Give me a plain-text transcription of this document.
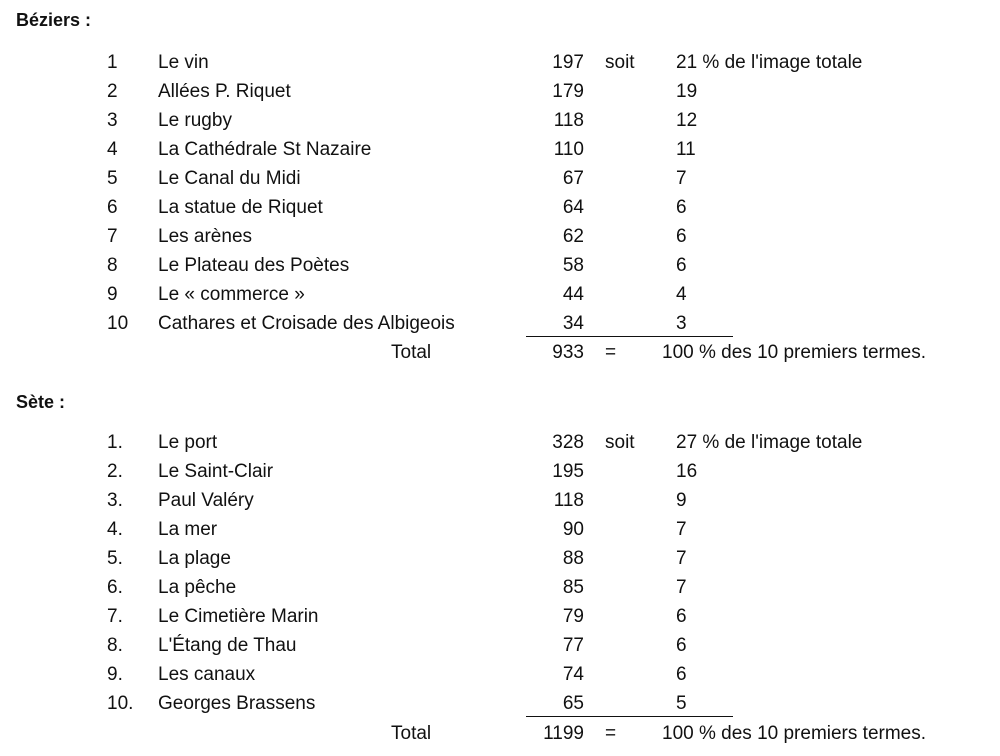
Béziers :
1 Le vin	197 soit 21 % de l'image totale
2 Allées P. Riquet	179	19
3 Le rugby	118	12
4 La Cathédrale St Nazaire	110	11
5 Le Canal du Midi	67	7
6 La statue de Riquet	64	6
7 Les arènes	62	6
8 Le Plateau des Poètes	58	6
9 Le « commerce »	44	4
10 Cathares et Croisade des Albigeois	34	3
Total	933 = 100 % des 10 premiers termes.
Sète :
1. Le port	328 soit 27 % de l'image totale
2. Le Saint-Clair	195	16
3. Paul Valéry	118	9
4. La mer	90	7
5. La plage	88	7
6. La pêche	85	7
7. Le Cimetière Marin	79	6
8. L'Étang de Thau	77	6
9. Les canaux	74	6
10. Georges Brassens	65	5
Total	1199 = 100 % des 10 premiers termes.
